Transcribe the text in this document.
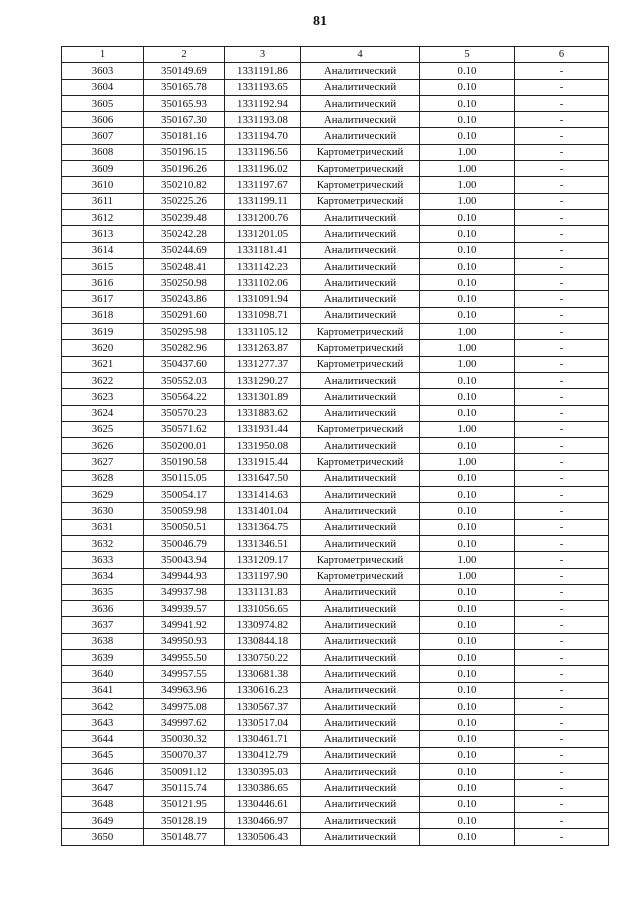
81
1	2	3	4	5	6
3603	350149.69	1331191.86	Аналитический	0.10	-
3604	350165.78	1331193.65	Аналитический	0.10	-
3605	350165.93	1331192.94	Аналитический	0.10	-
3606	350167.30	1331193.08	Аналитический	0.10	-
3607	350181.16	1331194.70	Аналитический	0.10	-
3608	350196.15	1331196.56	Картометрический	1.00	-
3609	350196.26	1331196.02	Картометрический	1.00	-
3610	350210.82	1331197.67	Картометрический	1.00	-
3611	350225.26	1331199.11	Картометрический	1.00	-
3612	350239.48	1331200.76	Аналитический	0.10	-
3613	350242.28	1331201.05	Аналитический	0.10	-
3614	350244.69	1331181.41	Аналитический	0.10	-
3615	350248.41	1331142.23	Аналитический	0.10	-
3616	350250.98	1331102.06	Аналитический	0.10	-
3617	350243.86	1331091.94	Аналитический	0.10	-
3618	350291.60	1331098.71	Аналитический	0.10	-
3619	350295.98	1331105.12	Картометрический	1.00	-
3620	350282.96	1331263.87	Картометрический	1.00	-
3621	350437.60	1331277.37	Картометрический	1.00	-
3622	350552.03	1331290.27	Аналитический	0.10	-
3623	350564.22	1331301.89	Аналитический	0.10	-
3624	350570.23	1331883.62	Аналитический	0.10	-
3625	350571.62	1331931.44	Картометрический	1.00	-
3626	350200.01	1331950.08	Аналитический	0.10	-
3627	350190.58	1331915.44	Картометрический	1.00	-
3628	350115.05	1331647.50	Аналитический	0.10	-
3629	350054.17	1331414.63	Аналитический	0.10	-
3630	350059.98	1331401.04	Аналитический	0.10	-
3631	350050.51	1331364.75	Аналитический	0.10	-
3632	350046.79	1331346.51	Аналитический	0.10	-
3633	350043.94	1331209.17	Картометрический	1.00	-
3634	349944.93	1331197.90	Картометрический	1.00	-
3635	349937.98	1331131.83	Аналитический	0.10	-
3636	349939.57	1331056.65	Аналитический	0.10	-
3637	349941.92	1330974.82	Аналитический	0.10	-
3638	349950.93	1330844.18	Аналитический	0.10	-
3639	349955.50	1330750.22	Аналитический	0.10	-
3640	349957.55	1330681.38	Аналитический	0.10	-
3641	349963.96	1330616.23	Аналитический	0.10	-
3642	349975.08	1330567.37	Аналитический	0.10	-
3643	349997.62	1330517.04	Аналитический	0.10	-
3644	350030.32	1330461.71	Аналитический	0.10	-
3645	350070.37	1330412.79	Аналитический	0.10	-
3646	350091.12	1330395.03	Аналитический	0.10	-
3647	350115.74	1330386.65	Аналитический	0.10	-
3648	350121.95	1330446.61	Аналитический	0.10	-
3649	350128.19	1330466.97	Аналитический	0.10	-
3650	350148.77	1330506.43	Аналитический	0.10	-
